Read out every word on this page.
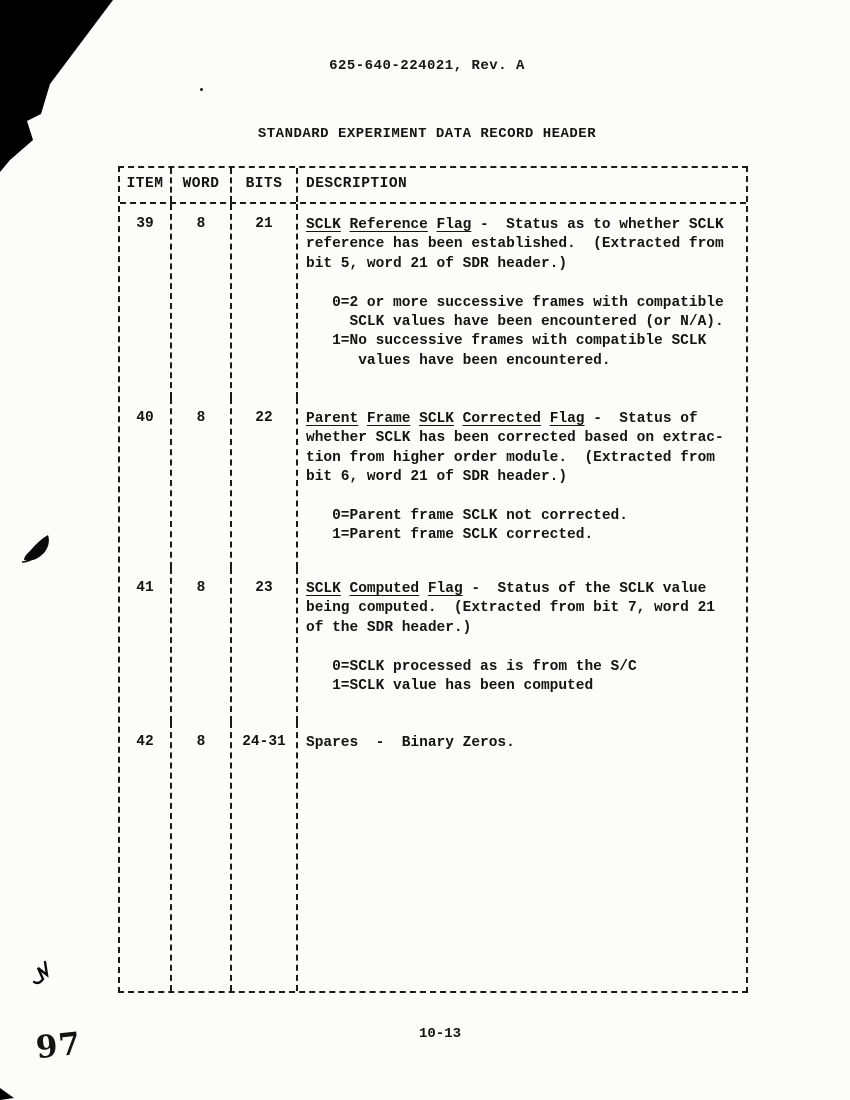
625-640-224021, Rev. A
STANDARD EXPERIMENT DATA RECORD HEADER
ITEM	WORD	BITS	DESCRIPTION
39	8	21	SCLK Reference Flag -  Status as to whether SCLK
reference has been established.  (Extracted from
bit 5, word 21 of SDR header.)
0=2 or more successive frames with compatible
SCLK values have been encountered (or N/A).
1=No successive frames with compatible SCLK
values have been encountered.
40	8	22	Parent Frame SCLK Corrected Flag -  Status of
whether SCLK has been corrected based on extrac-
tion from higher order module.  (Extracted from
bit 6, word 21 of SDR header.)
0=Parent frame SCLK not corrected.
1=Parent frame SCLK corrected.
41	8	23	SCLK Computed Flag -  Status of the SCLK value
being computed.  (Extracted from bit 7, word 21
of the SDR header.)
0=SCLK processed as is from the S/C
1=SCLK value has been computed
42	8	24-31	Spares  -  Binary Zeros.
10-13
97
